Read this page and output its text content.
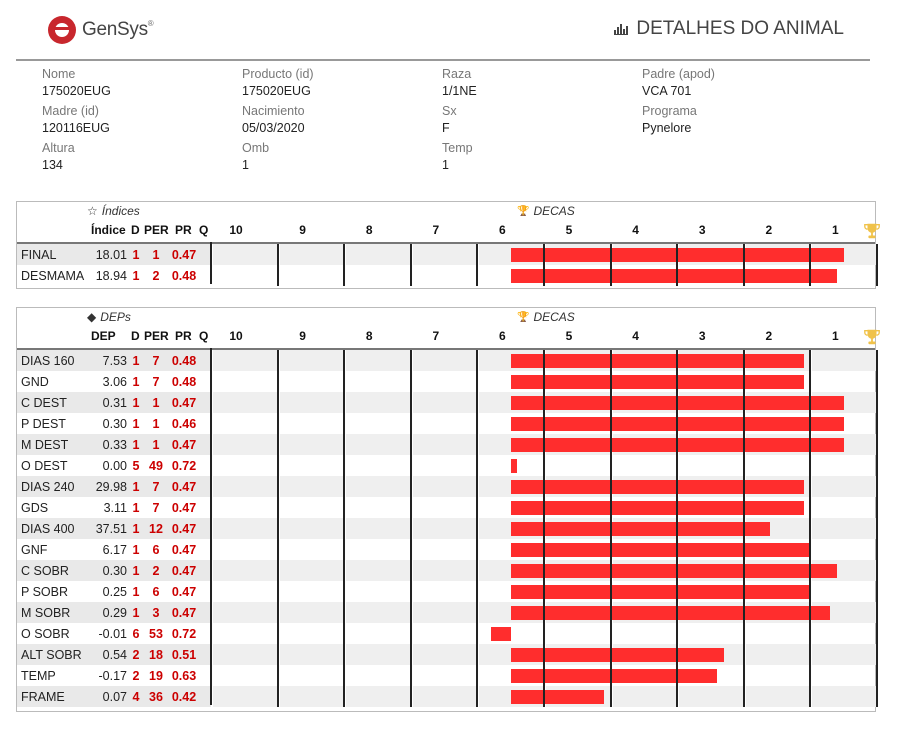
GenSys®	DETALHES DO ANIMAL
Nome
175020EUG
Producto (id)
175020EUG
Raza
1/1NE
Padre (apod)
VCA 701
Madre (id)
120116EUG
Nacimiento
05/03/2020
Sx
F
Programa
Pynelore
Altura
134
Omb
1
Temp
1
☆ Índices	🏆 DECAS
Índice D PER PR Q	10	9	8	7	6	5	4	3	2	1
FINAL	18.01 1	1 0.47
DESMAMA 18.94 1	2 0.48
◆ DEPs	🏆 DECAS
DEP D PER PR Q	10	9	8	7	6	5	4	3	2	1
DIAS 160 7.53 1	7 0.48
GND	3.06 1	7 0.48
C DEST	0.31 1	1 0.47
P DEST	0.30 1	1 0.46
M DEST	0.33 1	1 0.47
O DEST	0.00 5 49 0.72
DIAS 240 29.98 1	7 0.47
GDS	3.11 1	7 0.47
DIAS 400 37.51 1 12 0.47
GNF	6.17 1	6 0.47
C SOBR	0.30 1	2 0.47
P SOBR	0.25 1	6 0.47
M SOBR	0.29 1	3 0.47
O SOBR -0.01 6 53 0.72
ALT SOBR 0.54 2 18 0.51
TEMP	-0.17 2 19 0.63
FRAME	0.07 4 36 0.42
